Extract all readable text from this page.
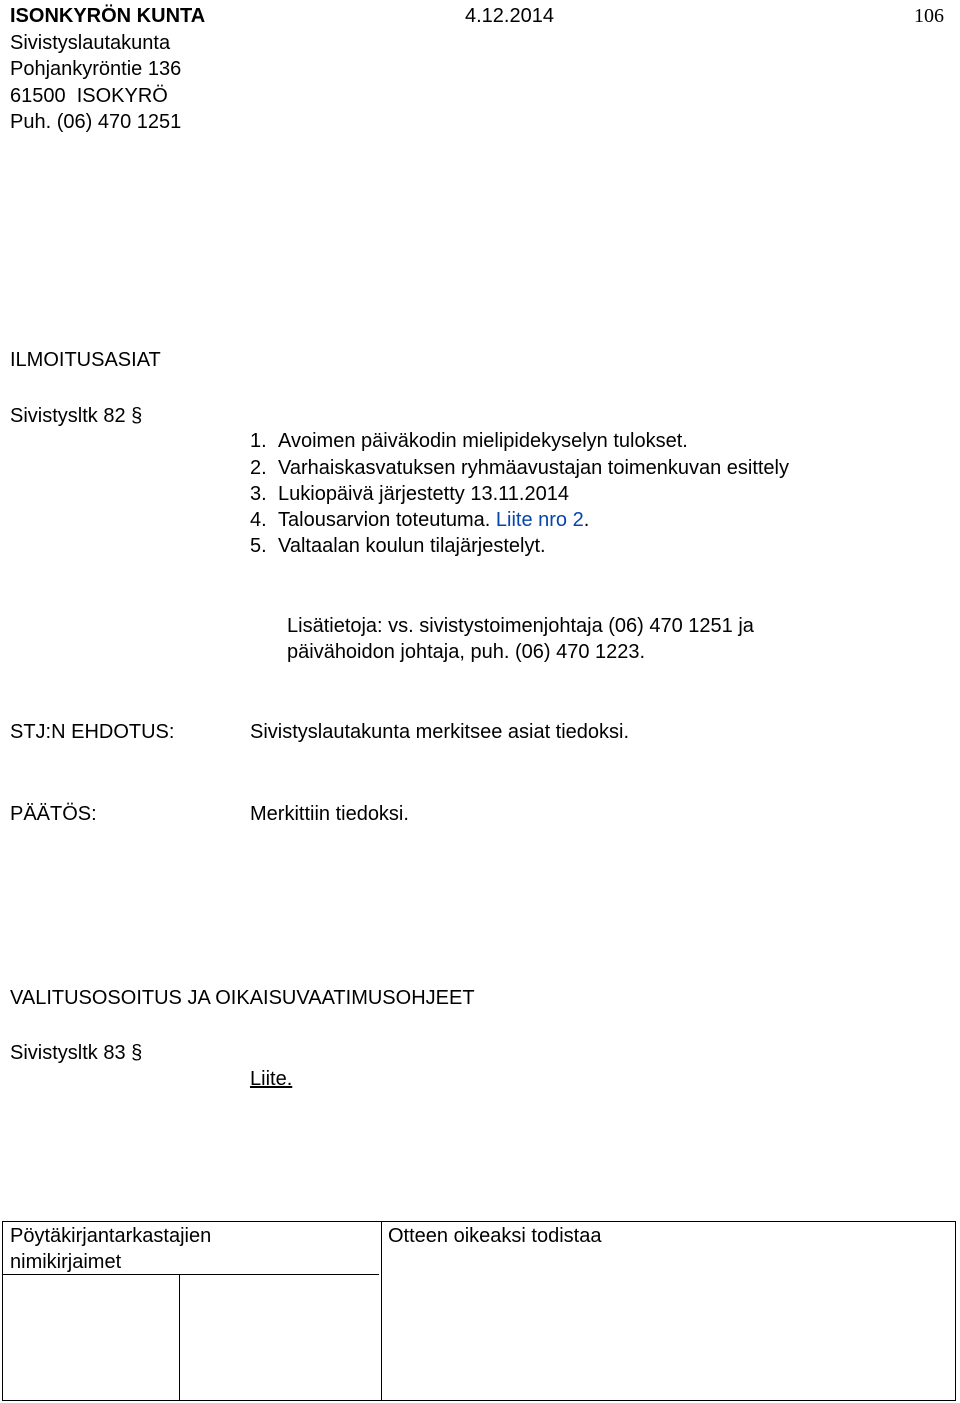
ISONKYRÖN KUNTA	4.12.2014	106
Sivistyslautakunta
Pohjankyröntie 136
61500  ISOKYRÖ
Puh. (06) 470 1251
ILMOITUSASIAT
Sivistysltk 82 §
1. Avoimen päiväkodin mielipidekyselyn tulokset.
2. Varhaiskasvatuksen ryhmäavustajan toimenkuvan esittely
3. Lukiopäivä järjestetty 13.11.2014
4. Talousarvion toteutuma. Liite nro 2.
5. Valtaalan koulun tilajärjestelyt.
Lisätietoja: vs. sivistystoimenjohtaja (06) 470 1251 ja
päivähoidon johtaja, puh. (06) 470 1223.
STJ:N EHDOTUS:	Sivistyslautakunta merkitsee asiat tiedoksi.
PÄÄTÖS:	Merkittiin tiedoksi.
VALITUSOSOITUS JA OIKAISUVAATIMUSOHJEET
Sivistysltk 83 §
Liite.
Pöytäkirjantarkastajien
nimikirjaimet
Otteen oikeaksi todistaa
